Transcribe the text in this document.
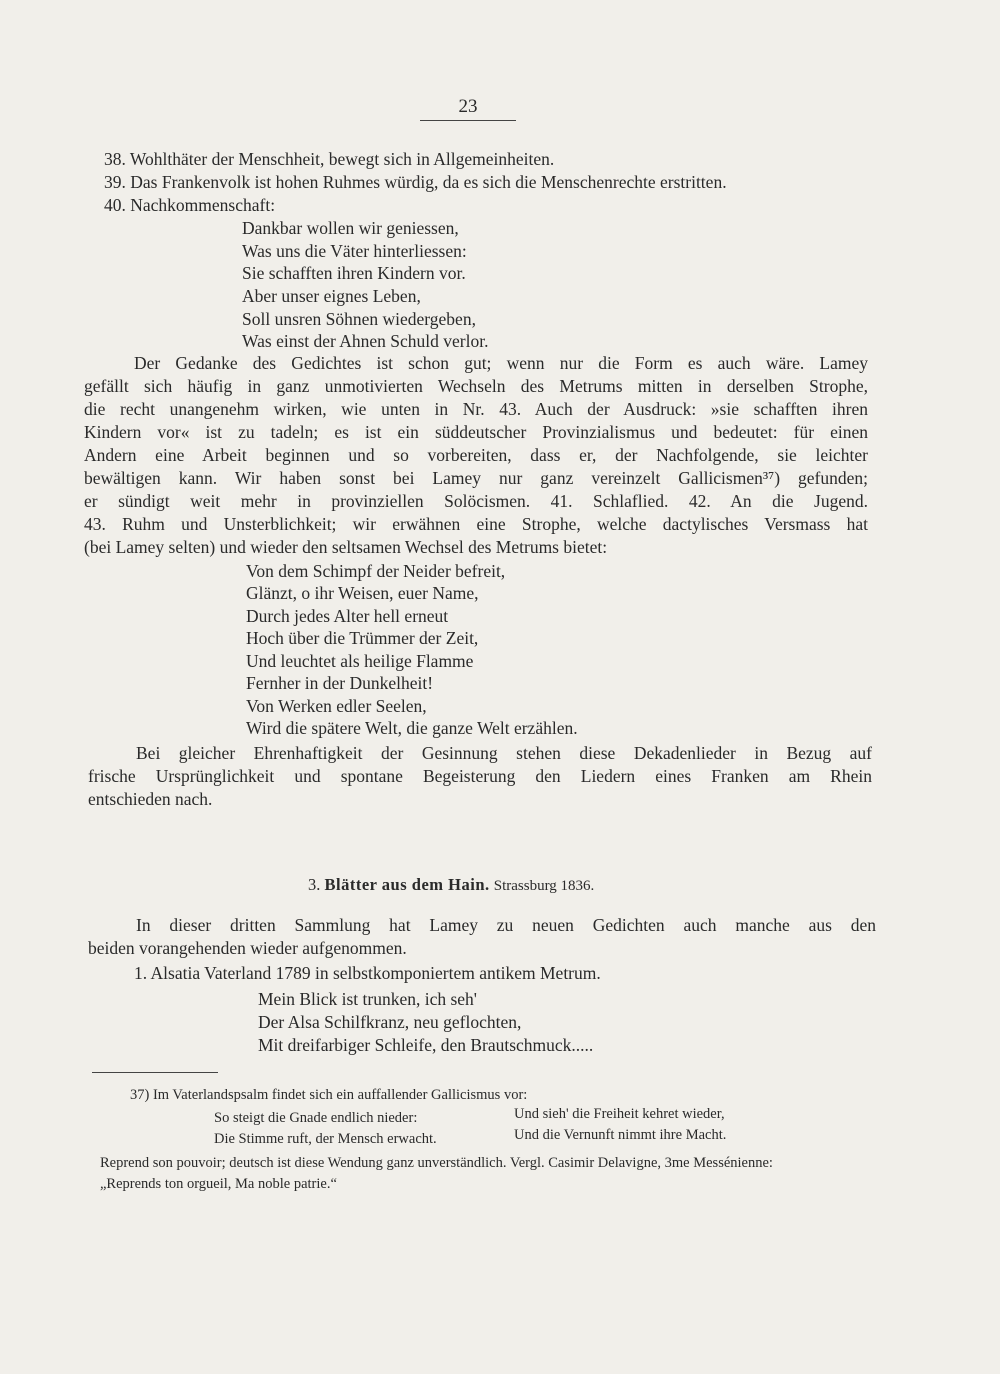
23
38. Wohlthäter der Menschheit, bewegt sich in Allgemeinheiten.
39. Das Frankenvolk ist hohen Ruhmes würdig, da es sich die Menschenrechte erstritten.
40. Nachkommenschaft:
Dankbar wollen wir geniessen,
Was uns die Väter hinterliessen:
Sie schafften ihren Kindern vor.
Aber unser eignes Leben,
Soll unsren Söhnen wiedergeben,
Was einst der Ahnen Schuld verlor.
Der Gedanke des Gedichtes ist schon gut; wenn nur die Form es auch wäre. Lamey
gefällt sich häufig in ganz unmotivierten Wechseln des Metrums mitten in derselben Strophe,
die recht unangenehm wirken, wie unten in Nr. 43. Auch der Ausdruck: »sie schafften ihren
Kindern vor« ist zu tadeln; es ist ein süddeutscher Provinzialismus und bedeutet: für einen
Andern eine Arbeit beginnen und so vorbereiten, dass er, der Nachfolgende, sie leichter
bewältigen kann. Wir haben sonst bei Lamey nur ganz vereinzelt Gallicismen³⁷) gefunden;
er sündigt weit mehr in provinziellen Solöcismen. 41. Schlaflied. 42. An die Jugend.
43. Ruhm und Unsterblichkeit; wir erwähnen eine Strophe, welche dactylisches Versmass hat
(bei Lamey selten) und wieder den seltsamen Wechsel des Metrums bietet:
Von dem Schimpf der Neider befreit,
Glänzt, o ihr Weisen, euer Name,
Durch jedes Alter hell erneut
Hoch über die Trümmer der Zeit,
Und leuchtet als heilige Flamme
Fernher in der Dunkelheit!
Von Werken edler Seelen,
Wird die spätere Welt, die ganze Welt erzählen.
Bei gleicher Ehrenhaftigkeit der Gesinnung stehen diese Dekadenlieder in Bezug auf
frische Ursprünglichkeit und spontane Begeisterung den Liedern eines Franken am Rhein
entschieden nach.
3. Blätter aus dem Hain. Strassburg 1836.
In dieser dritten Sammlung hat Lamey zu neuen Gedichten auch manche aus den
beiden vorangehenden wieder aufgenommen.
1. Alsatia Vaterland 1789 in selbstkomponiertem antikem Metrum.
Mein Blick ist trunken, ich seh'
Der Alsa Schilfkranz, neu geflochten,
Mit dreifarbiger Schleife, den Brautschmuck.....
37) Im Vaterlandspsalm findet sich ein auffallender Gallicismus vor:
So steigt die Gnade endlich nieder:
Die Stimme ruft, der Mensch erwacht.
Und sieh' die Freiheit kehret wieder,
Und die Vernunft nimmt ihre Macht.
Reprend son pouvoir; deutsch ist diese Wendung ganz unverständlich. Vergl. Casimir Delavigne, 3me Messénienne:
„Reprends ton orgueil, Ma noble patrie.“
